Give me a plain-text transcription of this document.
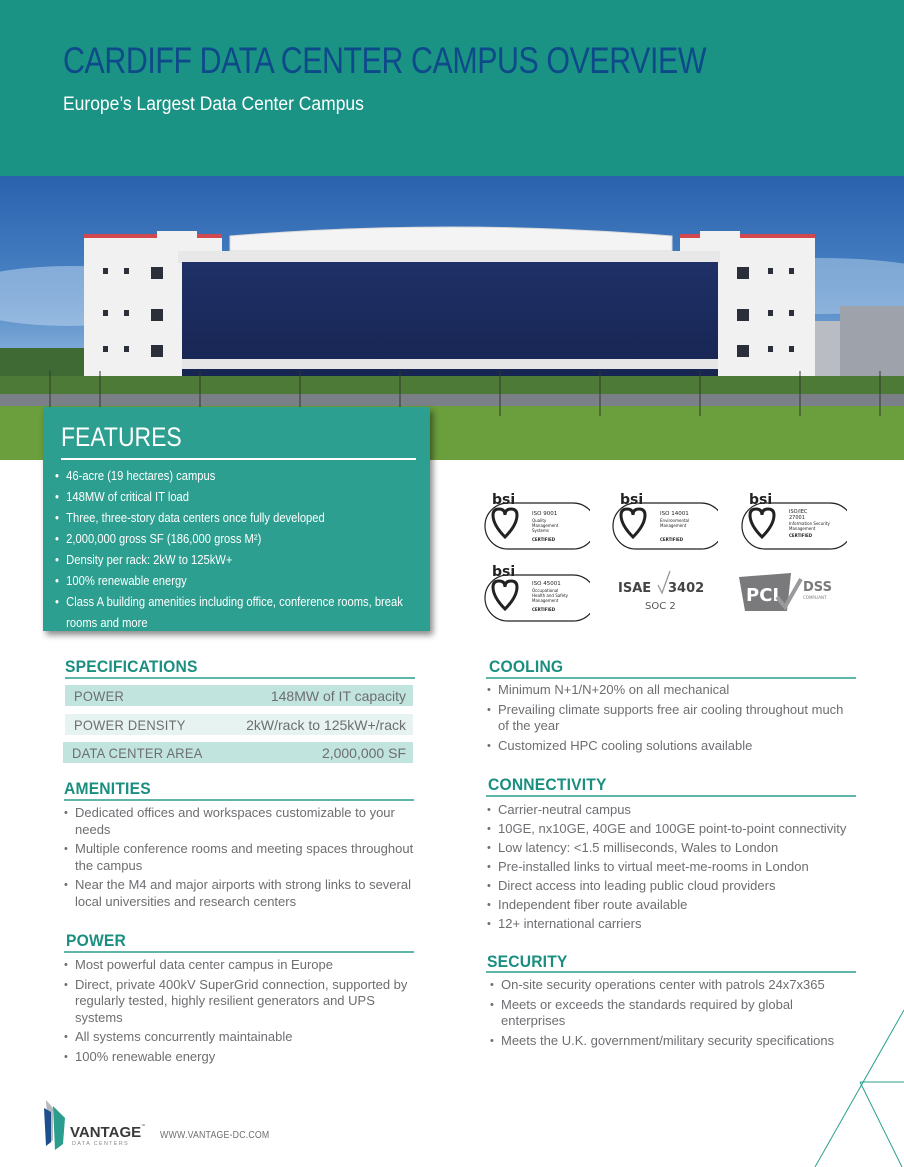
CARDIFF DATA CENTER CAMPUS OVERVIEW
Europe’s Largest Data Center Campus
FEATURES
• 46-acre (19 hectares) campus
• 148MW of critical IT load
• Three, three-story data centers once fully developed
• 2,000,000 gross SF (186,000 gross M²)
• Density per rack: 2kW to 125kW+
• 100% renewable energy
• Class A building amenities including office, conference rooms, break rooms and more
bsi
ISO 9001
Quality
Management
Systems
CERTIFIED
bsi
ISO 14001
Environmental
Management
CERTIFIED
bsi
ISO/IEC
27001
Information Security
Management
CERTIFIED
bsi
ISO 45001
Occupational
Health and Safety
Management
CERTIFIED
ISAE 3402
SOC 2
PCI DSS
COMPLIANT
SPECIFICATIONS
POWER	148MW of IT capacity
POWER DENSITY	2kW/rack to 125kW+/rack
DATA CENTER AREA	2,000,000 SF
AMENITIES
• Dedicated offices and workspaces customizable to your needs
• Multiple conference rooms and meeting spaces throughout the campus
• Near the M4 and major airports with strong links to several local universities and research centers
POWER
• Most powerful data center campus in Europe
• Direct, private 400kV SuperGrid connection, supported by regularly tested, highly resilient generators and UPS systems
• All systems concurrently maintainable
• 100% renewable energy
COOLING
• Minimum N+1/N+20% on all mechanical
• Prevailing climate supports free air cooling throughout much of the year
• Customized HPC cooling solutions available
CONNECTIVITY
• Carrier-neutral campus
• 10GE, nx10GE, 40GE and 100GE point-to-point connectivity
• Low latency: <1.5 milliseconds, Wales to London
• Pre-installed links to virtual meet-me-rooms in London
• Direct access into leading public cloud providers
• Independent fiber route available
• 12+ international carriers
SECURITY
• On-site security operations center with patrols 24x7x365
• Meets or exceeds the standards required by global enterprises
• Meets the U.K. government/military security specifications
VANTAGE ™
DATA CENTERS
WWW.VANTAGE-DC.COM
